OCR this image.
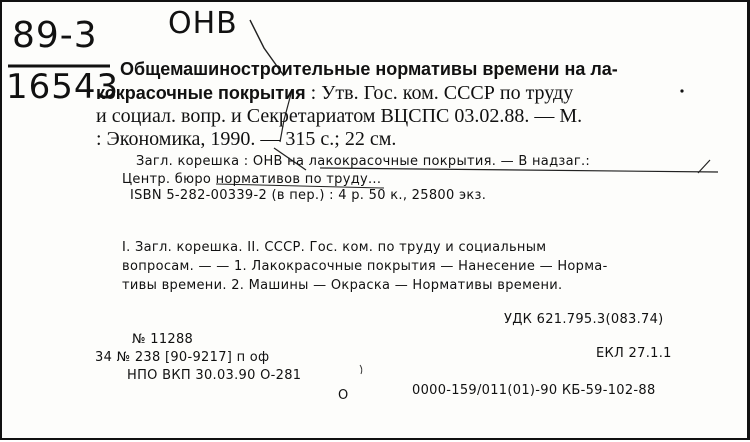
89-3
16543
ОНВ
Общемашиностроительные нормативы времени на ла-
кокрасочные покрытия : Утв. Гос. ком. СССР по труду
и социал. вопр. и Секретариатом ВЦСПС 03.02.88. — М.
: Экономика, 1990. — 315 с.; 22 см.
Загл. корешка : ОНВ на лакокрасочные покрытия. — В надзаг.:
Центр. бюро нормативов по труду...
ISBN 5-282-00339-2 (в пер.) : 4 р. 50 к., 25800 экз.
I. Загл. корешка. II. СССР. Гос. ком. по труду и социальным
вопросам. — — 1. Лакокрасочные покрытия — Нанесение — Норма-
тивы времени. 2. Машины — Окраска — Нормативы времени.
УДК 621.795.3(083.74)
№ 11288
34 № 238 [90-9217] п оф	ЕКЛ 27.1.1
НПО ВКП 30.03.90 О-281
О	0000-159/011(01)-90 КБ-59-102-88
